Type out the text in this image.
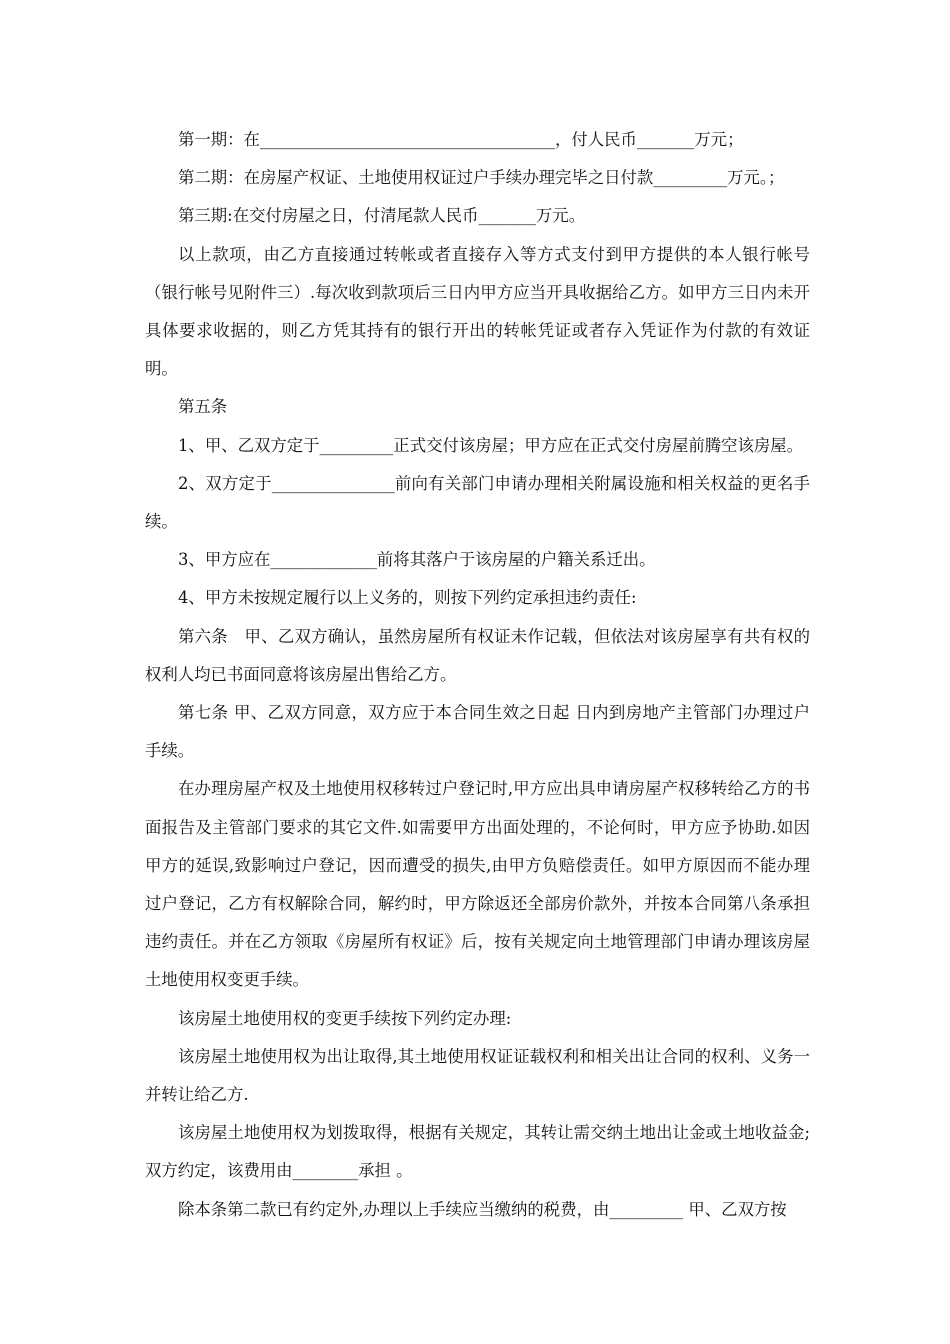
第一期：在____________________________________，付人民币_______万元；

第二期：在房屋产权证、土地使用权证过户手续办理完毕之日付款_________万元。；

第三期:在交付房屋之日，付清尾款人民币_______万元。

以上款项，由乙方直接通过转帐或者直接存入等方式支付到甲方提供的本人银行帐号（银行帐号见附件三）.每次收到款项后三日内甲方应当开具收据给乙方。如甲方三日内未开具体要求收据的，则乙方凭其持有的银行开出的转帐凭证或者存入凭证作为付款的有效证明。

第五条

1、甲、乙双方定于_________正式交付该房屋；甲方应在正式交付房屋前腾空该房屋。

2、双方定于_______________前向有关部门申请办理相关附属设施和相关权益的更名手续。

3、甲方应在_____________前将其落户于该房屋的户籍关系迁出。

4、甲方未按规定履行以上义务的，则按下列约定承担违约责任:

第六条　甲、乙双方确认，虽然房屋所有权证未作记载，但依法对该房屋享有共有权的权利人均已书面同意将该房屋出售给乙方。

第七条 甲、乙双方同意，双方应于本合同生效之日起 日内到房地产主管部门办理过户手续。

在办理房屋产权及土地使用权移转过户登记时,甲方应出具申请房屋产权移转给乙方的书面报告及主管部门要求的其它文件.如需要甲方出面处理的，不论何时，甲方应予协助.如因甲方的延误,致影响过户登记，因而遭受的损失,由甲方负赔偿责任。如甲方原因而不能办理过户登记，乙方有权解除合同，解约时，甲方除返还全部房价款外，并按本合同第八条承担违约责任。并在乙方领取《房屋所有权证》后，按有关规定向土地管理部门申请办理该房屋土地使用权变更手续。

该房屋土地使用权的变更手续按下列约定办理:

该房屋土地使用权为出让取得,其土地使用权证证载权利和相关出让合同的权利、义务一并转让给乙方.

该房屋土地使用权为划拨取得，根据有关规定，其转让需交纳土地出让金或土地收益金;双方约定，该费用由________承担 。

除本条第二款已有约定外,办理以上手续应当缴纳的税费，由_________ 甲、乙双方按
